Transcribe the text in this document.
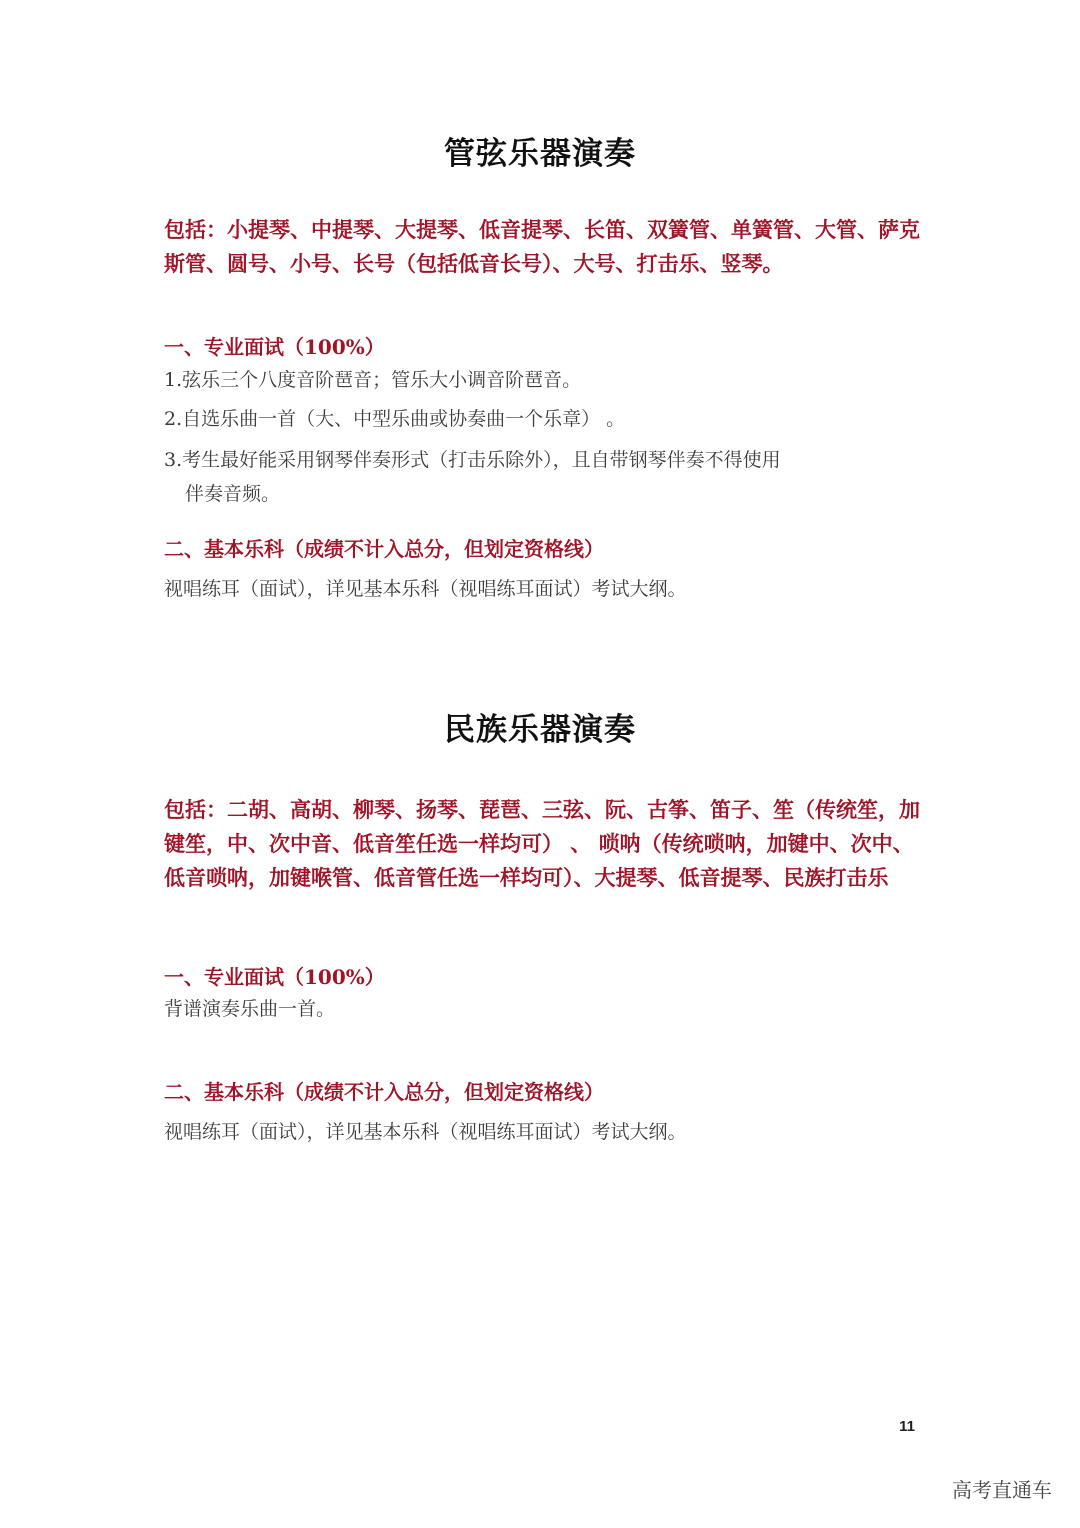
管弦乐器演奏

包括：小提琴、中提琴、大提琴、低音提琴、长笛、双簧管、单簧管、大管、萨克斯管、圆号、小号、长号（包括低音长号）、大号、打击乐、竖琴。

一、专业面试（100%）

1.弦乐三个八度音阶琶音；管乐大小调音阶琶音。

2.自选乐曲一首（大、中型乐曲或协奏曲一个乐章） 。

3.考生最好能采用钢琴伴奏形式（打击乐除外），且自带钢琴伴奏不得使用
伴奏音频。

二、基本乐科（成绩不计入总分，但划定资格线）

视唱练耳（面试），详见基本乐科（视唱练耳面试）考试大纲。

民族乐器演奏

包括：二胡、高胡、柳琴、扬琴、琵琶、三弦、阮、古筝、笛子、笙（传统笙，加键笙，中、次中音、低音笙任选一样均可） 、 唢呐（传统唢呐，加键中、次中、低音唢呐，加键喉管、低音管任选一样均可）、大提琴、低音提琴、民族打击乐

一、专业面试（100%）

背谱演奏乐曲一首。

二、基本乐科（成绩不计入总分，但划定资格线）

视唱练耳（面试），详见基本乐科（视唱练耳面试）考试大纲。

11
高考直通车
